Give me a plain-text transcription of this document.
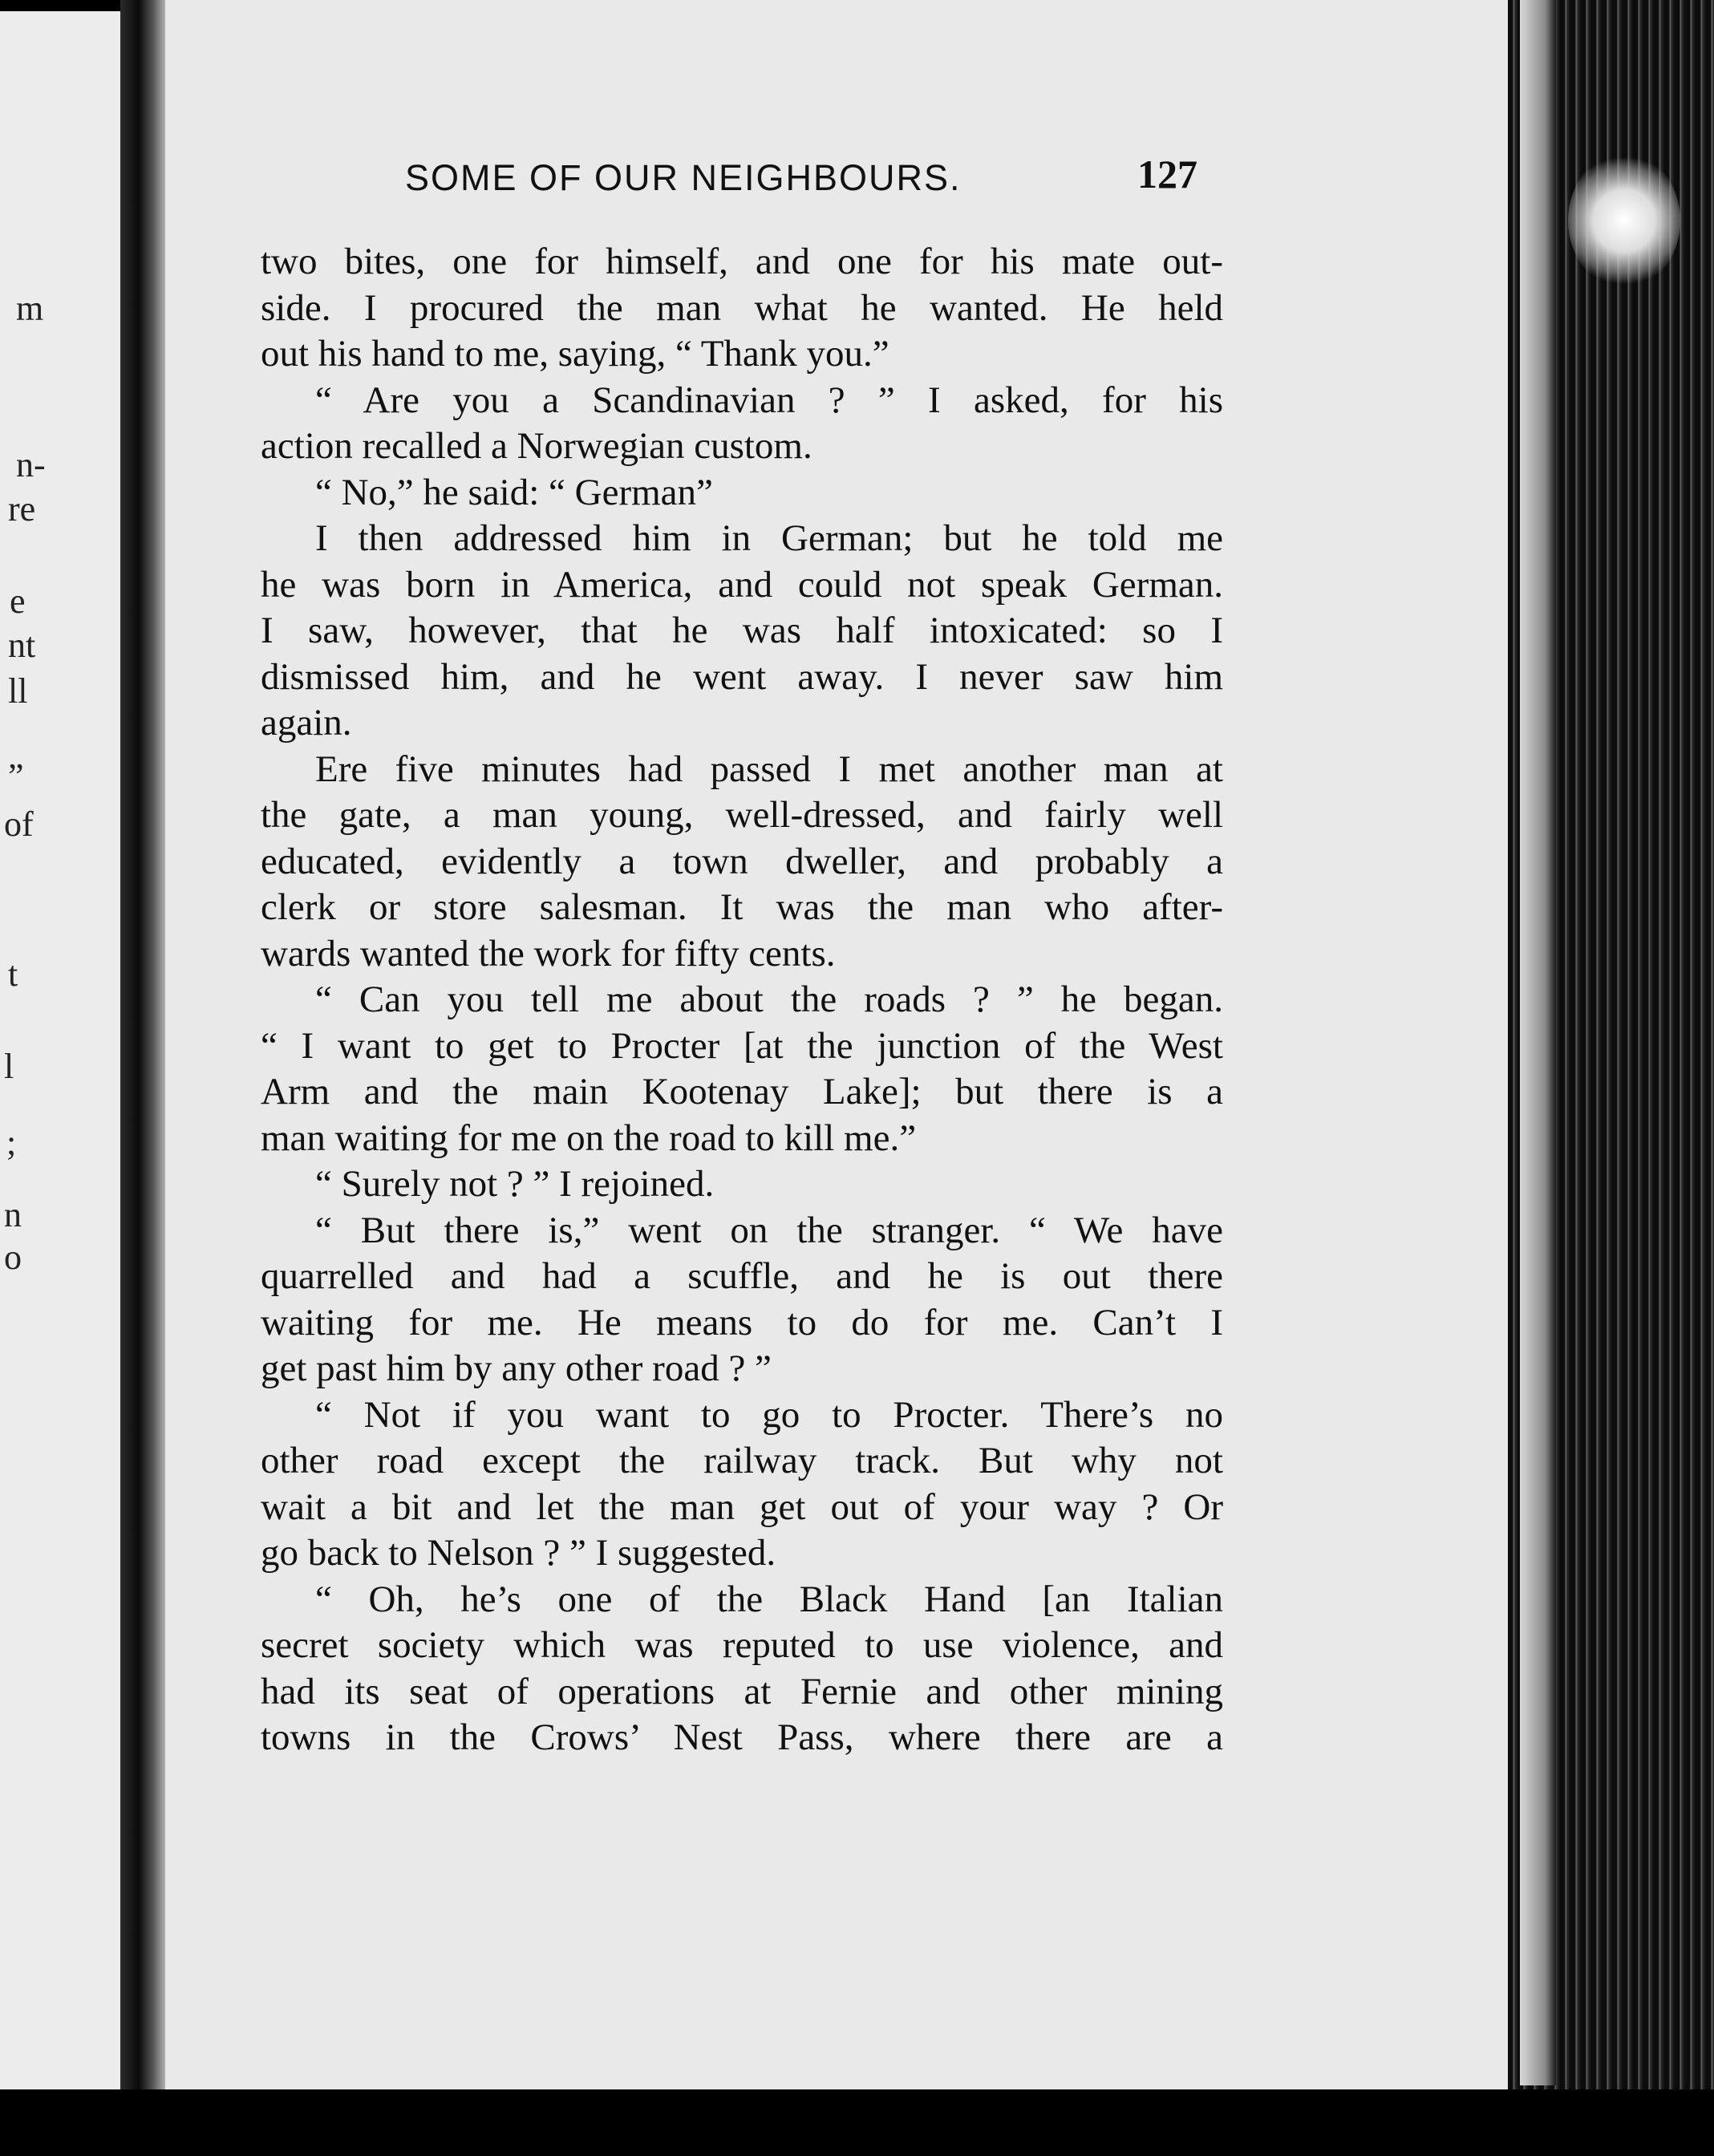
m
n-
re
e
nt
ll
”
of
t
l
;
n
o
SOME OF OUR NEIGHBOURS.	127
two bites, one for himself, and one for his mate out-
side. I procured the man what he wanted. He held
out his hand to me, saying, “ Thank you.”
“ Are you a Scandinavian ? ” I asked, for his
action recalled a Norwegian custom.
“ No,” he said: “ German”
I then addressed him in German; but he told me
he was born in America, and could not speak German.
I saw, however, that he was half intoxicated: so I
dismissed him, and he went away. I never saw him
again.
Ere five minutes had passed I met another man at
the gate, a man young, well-dressed, and fairly well
educated, evidently a town dweller, and probably a
clerk or store salesman. It was the man who after-
wards wanted the work for fifty cents.
“ Can you tell me about the roads ? ” he began.
“ I want to get to Procter [at the junction of the West
Arm and the main Kootenay Lake]; but there is a
man waiting for me on the road to kill me.”
“ Surely not ? ” I rejoined.
“ But there is,” went on the stranger. “ We have
quarrelled and had a scuffle, and he is out there
waiting for me. He means to do for me. Can’t I
get past him by any other road ? ”
“ Not if you want to go to Procter. There’s no
other road except the railway track. But why not
wait a bit and let the man get out of your way ? Or
go back to Nelson ? ” I suggested.
“ Oh, he’s one of the Black Hand [an Italian
secret society which was reputed to use violence, and
had its seat of operations at Fernie and other mining
towns in the Crows’ Nest Pass, where there are a
